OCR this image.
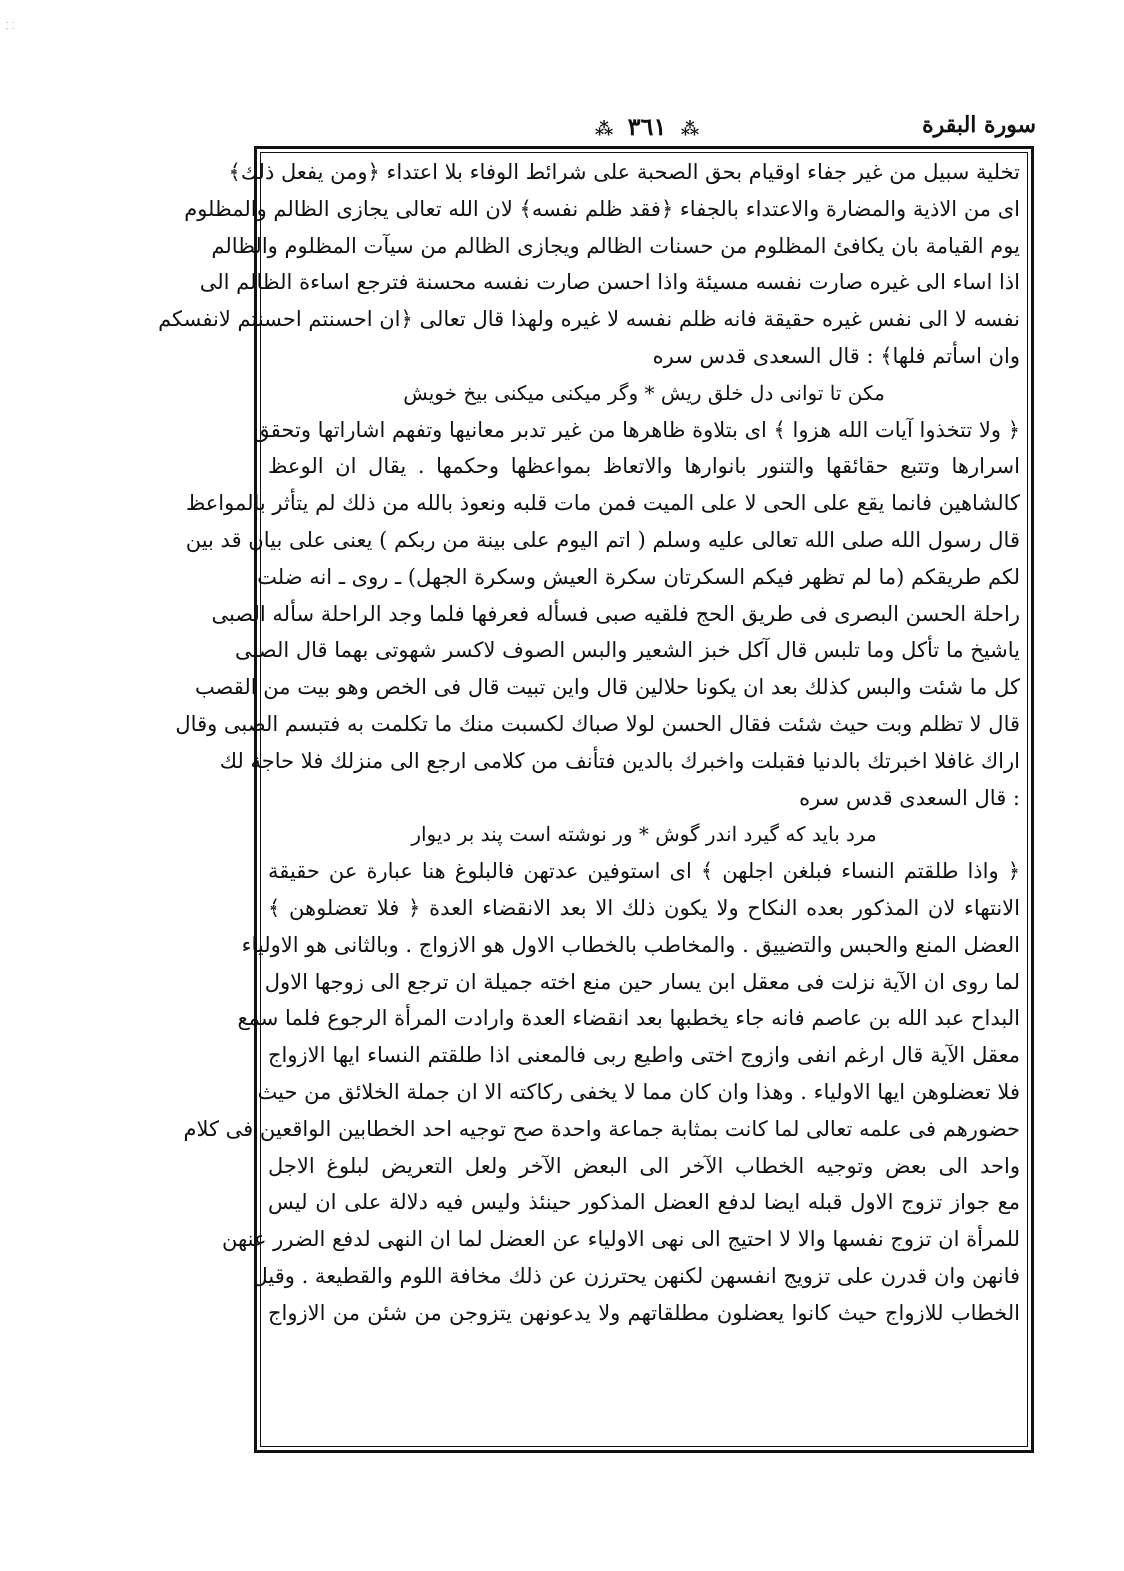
⸬
سورة البقرة
⁂ ٣٦١ ⁂
تخلية سبيل من غير جفاء اوقيام بحق الصحبة على شرائط الوفاء بلا اعتداء ﴿ومن يفعل ذلك﴾
اى من الاذية والمضارة والاعتداء بالجفاء ﴿فقد ظلم نفسه﴾ لان الله تعالى يجازى الظالم والمظلوم
يوم القيامة بان يكافئ المظلوم من حسنات الظالم ويجازى الظالم من سيآت المظلوم والظالم
اذا اساء الى غيره صارت نفسه مسيئة واذا احسن صارت نفسه محسنة فترجع اساءة الظالم الى
نفسه لا الى نفس غيره حقيقة فانه ظلم نفسه لا غيره ولهذا قال تعالى ﴿ان احسنتم احسنتم لانفسكم
وان اسأتم فلها﴾ : قال السعدى قدس سره
مکن تا توانى دل خلق ريش * وگر ميكنى ميكنى بيخ خويش
﴿ ولا تتخذوا آيات الله هزوا ﴾ اى بتلاوة ظاهرها من غير تدبر معانيها وتفهم اشاراتها وتحقق
اسرارها وتتبع حقائقها والتنور بانوارها والاتعاظ بمواعظها وحكمها . يقال ان الوعظ
كالشاهين فانما يقع على الحى لا على الميت فمن مات قلبه ونعوذ بالله من ذلك لم يتأثر بالمواعظ
قال رسول الله صلى الله تعالى عليه وسلم ( اتم اليوم على بينة من ربكم ) يعنى على بيان قد بين
لكم طريقكم (ما لم تظهر فيكم السكرتان سكرة العيش وسكرة الجهل) ـ روى ـ انه ضلت
راحلة الحسن البصرى فى طريق الحج فلقيه صبى فسأله فعرفها فلما وجد الراحلة سأله الصبى
ياشيخ ما تأكل وما تلبس قال آكل خبز الشعير والبس الصوف لاكسر شهوتى بهما قال الصبى
كل ما شئت والبس كذلك بعد ان يكونا حلالين قال واين تبيت قال فى الخص وهو بيت من القصب
قال لا تظلم وبت حيث شئت فقال الحسن لولا صباك لكسبت منك ما تكلمت به فتبسم الصبى وقال
اراك غافلا اخبرتك بالدنيا فقبلت واخبرك بالدين فتأنف من كلامى ارجع الى منزلك فلا حاجة لك
: قال السعدى قدس سره
مرد بايد كه گيرد اندر گوش * ور نوشته است پند بر ديوار
﴿ واذا طلقتم النساء فبلغن اجلهن ﴾ اى استوفين عدتهن فالبلوغ هنا عبارة عن حقيقة
الانتهاء لان المذكور بعده النكاح ولا يكون ذلك الا بعد الانقضاء العدة ﴿ فلا تعضلوهن ﴾
العضل المنع والحبس والتضييق . والمخاطب بالخطاب الاول هو الازواج . وبالثانى هو الاولياء
لما روى ان الآية نزلت فى معقل ابن يسار حين منع اخته جميلة ان ترجع الى زوجها الاول
البداح عبد الله بن عاصم فانه جاء يخطبها بعد انقضاء العدة وارادت المرأة الرجوع فلما سمع
معقل الآية قال ارغم انفى وازوج اختى واطيع ربى فالمعنى اذا طلقتم النساء ايها الازواج
فلا تعضلوهن ايها الاولياء . وهذا وان كان مما لا يخفى ركاكته الا ان جملة الخلائق من حيث
حضورهم فى علمه تعالى لما كانت بمثابة جماعة واحدة صح توجيه احد الخطابين الواقعين فى كلام
واحد الى بعض وتوجيه الخطاب الآخر الى البعض الآخر ولعل التعريض لبلوغ الاجل
مع جواز تزوج الاول قبله ايضا لدفع العضل المذكور حينئذ وليس فيه دلالة على ان ليس
للمرأة ان تزوج نفسها والا لا احتيج الى نهى الاولياء عن العضل لما ان النهى لدفع الضرر عنهن
فانهن وان قدرن على تزويج انفسهن لكنهن يحترزن عن ذلك مخافة اللوم والقطيعة . وقيل
الخطاب للازواج حيث كانوا يعضلون مطلقاتهم ولا يدعونهن يتزوجن من شئن من الازواج
